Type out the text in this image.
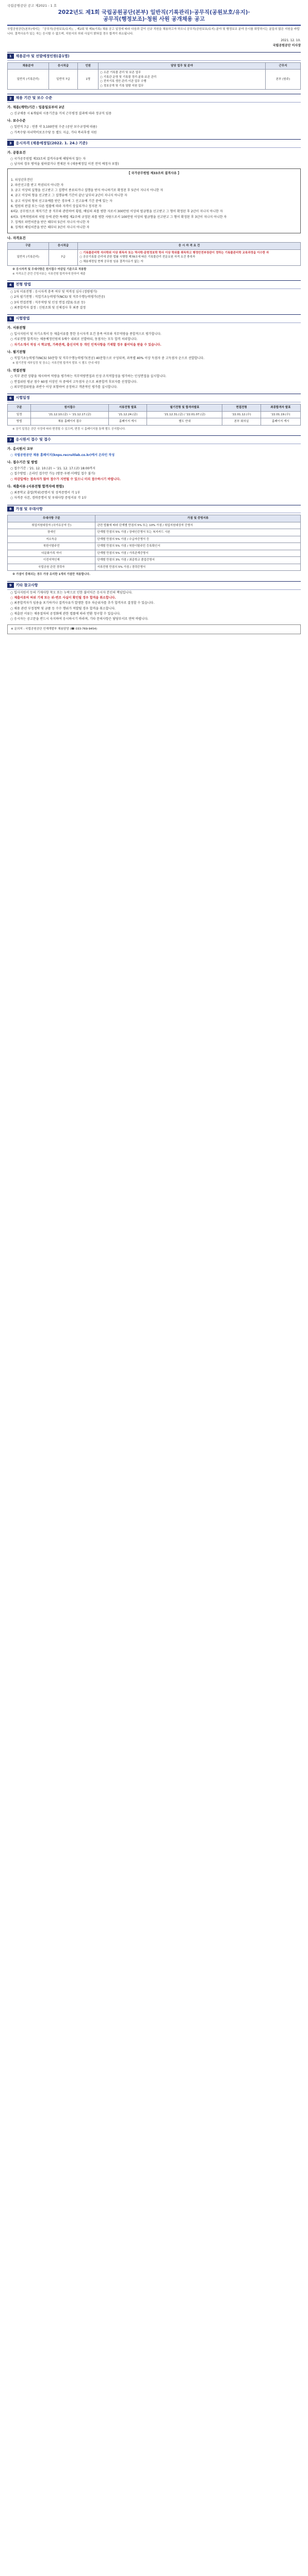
국립공원공단 공고 제2021 - 1 호
2022년도 제1회 국립공원공단(본부) 일반직(기록관리)·공무직(공원보호/유지)·
공무직(행정보조)·청원 사원 공개채용 공고
국립공원공단(본부)에서는 「공무직(공원보호/유지)」, 제2회 및 제3(기록) 채용 공고 일정에 따라 다음과 같이 신규 직원을 채용하고자 하오니 공무직(공원보호/유지) 분야 및 행정보조 분야 응시를 희망하시는 분들의 많은 지원을 바랍니다. 결격사유가 있는 자는 응시할 수 없으며, 지원서의 허위 사실이 밝혀질 경우 합격이 취소됩니다.
2021. 12. 10.
국립공원공단 이사장
1	채용분야 및 선발예정인원(총1명)
채용분야	응시직급	인원	담당 업무 및 분야	근무지
일반직 (기록관리)	일반직 7급	1명	○ 소관 기록물 관리 및 보존 업무
○ 기록관 운영 및 기록물 정리·분류·보존 관리
○ 전자기록 생산·관리·이관 업무 수행
○ 정보공개 및 기록 열람 지원 업무	본부 (원주)
2	채용 기간 및 보수 수준
가. 채용(계약)기간 : 임용일로부터 2년
○ 신규채용 시 6개월의 시용기간을 거쳐 근무평정 결과에 따라 정규직 임용
나. 보수수준
○ 일반직 7급 : 연봉 약 3,100만원 수준 (공단 보수규정에 따름)
○ 가족수당·자녀학비보조수당 등 별도 지급, 기타 복리후생 지원
3	응시자격 (채용예정일(2022. 1. 24.) 기준)
가. 공통요건
○ 국가공무원법 제33조의 결격사유에 해당하지 않는 자
○ 남자의 경우 병역을 필하였거나 면제된 자 (채용예정일 이전 전역 예정자 포함)
【 국가공무원법 제33조의 결격사유 】
1. 피성년후견인
2. 파산선고를 받고 복권되지 아니한 자
3. 금고 이상의 실형을 선고받고 그 집행이 종료되거나 집행을 받지 아니하기로 확정된 후 5년이 지나지 아니한 자
4. 금고 이상의 형을 선고받고 그 집행유예 기간이 끝난 날부터 2년이 지나지 아니한 자
5. 금고 이상의 형의 선고유예를 받은 경우에 그 선고유예 기간 중에 있는 자
6. 법원의 판결 또는 다른 법률에 따라 자격이 상실되거나 정지된 자
6의2. 공무원으로 재직기간 중 직무와 관련하여 횡령, 배임의 죄를 범한 자로서 300만원 이상의 벌금형을 선고받고 그 형이 확정된 후 2년이 지나지 아니한 자
6의3. 성폭력범죄의 처벌 등에 관한 특례법 제2조에 규정된 죄를 범한 사람으로서 100만원 이상의 벌금형을 선고받고 그 형이 확정된 후 3년이 지나지 아니한 자
7. 징계로 파면처분을 받은 때부터 5년이 지나지 아니한 자
8. 징계로 해임처분을 받은 때부터 3년이 지나지 아니한 자
나. 자격요건
구분	응시직급	응 시 자 격 요 건
일반직 (기록관리)	7급	○ 기록물관리학 석사학위 이상 취득자 또는 역사학·문헌정보학 학사 이상 학위를 취득하고 행정안전부장관이 정하는 기록물관리학 교육과정을 이수한 자
○ 공공기록물 관리에 관한 법률 시행령 제78조에 따른 기록물관리 전문요원 자격 요건 충족자
○ 채용예정일 현재 공무원 임용 결격사유가 없는 자
※ 응시자격 및 우대사항은 원서접수 마감일 기준으로 적용함
※ 자격요건 관련 증빙서류는 서류전형 합격자에 한하여 제출
4	전형 방법
○ 1차 서류전형 : 응시자격 충족 여부 및 적격성 심사 (정량평가)
○ 2차 필기전형 : 직업기초능력평가(NCS) 및 직무수행능력평가(전공)
○ 3차 면접전형 : 직무역량 및 인성 면접 (발표·토론 등)
○ 최종합격자 결정 : 신원조회 및 신체검사 후 최종 결정
5	시험방법
가. 서류전형
○ 입사지원서 및 자기소개서 등 제출서류를 통한 응시자격 요건 충족 여부와 직무역량을 종합적으로 평가합니다.
○ 서류전형 합격자는 채용예정인원의 5배수 내외로 선발하되, 동점자는 모두 합격 처리합니다.
○ 자기소개서 작성 시 학교명, 가족관계, 출신지역 등 개인 인적사항을 기재할 경우 불이익을 받을 수 있습니다.
나. 필기전형
○ 직업기초능력평가(NCS) 50문항 및 직무수행능력평가(전공) 40문항으로 구성되며, 과목별 40% 이상 득점자 중 고득점자 순으로 선발합니다.
※ 필기전형 세부일정 및 장소는 서류전형 합격자 발표 시 별도 안내 예정
다. 면접전형
○ 직무 관련 상황을 제시하여 역량을 평가하는 직무역량면접과 인성·조직적합성을 평가하는 인성면접을 실시합니다.
○ 면접위원 평균 점수 60점 이상인 자 중에서 고득점자 순으로 최종합격 후보자를 선정합니다.
○ 외부면접위원을 과반수 이상 포함하여 공정하고 객관적인 평가를 실시합니다.
6	시험일정
구분	원서접수	서류전형 발표	필기전형 및 합격자발표	면접전형	최종합격자 발표
일정	'21.12.10.(금) ~ '21.12.17.(금)	'21.12.24.(금)	'21.12.31.(금) / '22.01.07.(금)	'22.01.12.(수)	'22.01.19.(수)
방법	채용 홈페이지 접수	홈페이지 게시	별도 안내	본부 회의실	홈페이지 게시
※ 상기 일정은 공단 사정에 따라 변경될 수 있으며, 변경 시 홈페이지를 통해 별도 공지합니다.
7	응시원서 접수 및 접수
가. 응시원서 교부
○ 국립공원공단 채용 홈페이지(knps.recruitlab.co.kr)에서 온라인 작성
나. 접수기간 및 방법
○ 접수기간 : '21. 12. 10.(금) ~ '21. 12. 17.(금) 18:00까지
○ 접수방법 : 온라인 접수만 가능 (방문·우편·이메일 접수 불가)
○ 마감일에는 접속자가 많아 접수가 지연될 수 있으니 미리 접수하시기 바랍니다.
다. 제출서류 (서류전형 합격자에 한함)
○ 최종학교 졸업(학위)증명서 및 성적증명서 각 1부
○ 자격증 사본, 경력증명서 및 우대사항 증빙서류 각 1부
8	가점 및 우대사항
우대사항 구분	가점 및 증빙서류
취업지원대상자 (국가유공자 등)	관련 법률에 따라 단계별 만점의 5% 또는 10% 가점 / 취업지원대상자 증명서
장애인	단계별 만점의 5% 가점 / 장애인증명서 또는 복지카드 사본
저소득층	단계별 만점의 5% 가점 / 수급자증명서 등
북한이탈주민	단계별 만점의 5% 가점 / 북한이탈주민 등록확인서
다문화가족 자녀	단계별 만점의 5% 가점 / 가족관계증명서
이전지역인재	단계별 만점의 3% 가점 / 최종학교 졸업증명서
국립공원 관련 경력자	서류전형 만점의 5% 가점 / 경력증명서
※ 가점이 중복되는 경우 가장 유리한 1개의 가점만 적용합니다.
9	기타 참고사항
○ 입사지원서 등의 기재사항 착오 또는 누락으로 인한 불이익은 응시자 본인의 책임입니다.
○ 제출서류의 허위 기재 또는 위·변조 사실이 확인될 경우 합격을 취소합니다.
○ 최종합격자가 임용을 포기하거나 결격사유가 발생한 경우 차순위자를 추가 합격자로 결정할 수 있습니다.
○ 채용 관련 부정청탁 및 금품 등 수수 행위가 적발될 경우 합격을 취소합니다.
○ 제출된 서류는 채용절차의 공정화에 관한 법률에 따라 반환 청구할 수 있습니다.
○ 응시자는 공고문을 반드시 숙지하여 응시하시기 바라며, 기타 문의사항은 담당부서로 연락 바랍니다.
※ 문의처 : 국립공원공단 인재개발부 채용담당 (☎ 033-769-9454)
